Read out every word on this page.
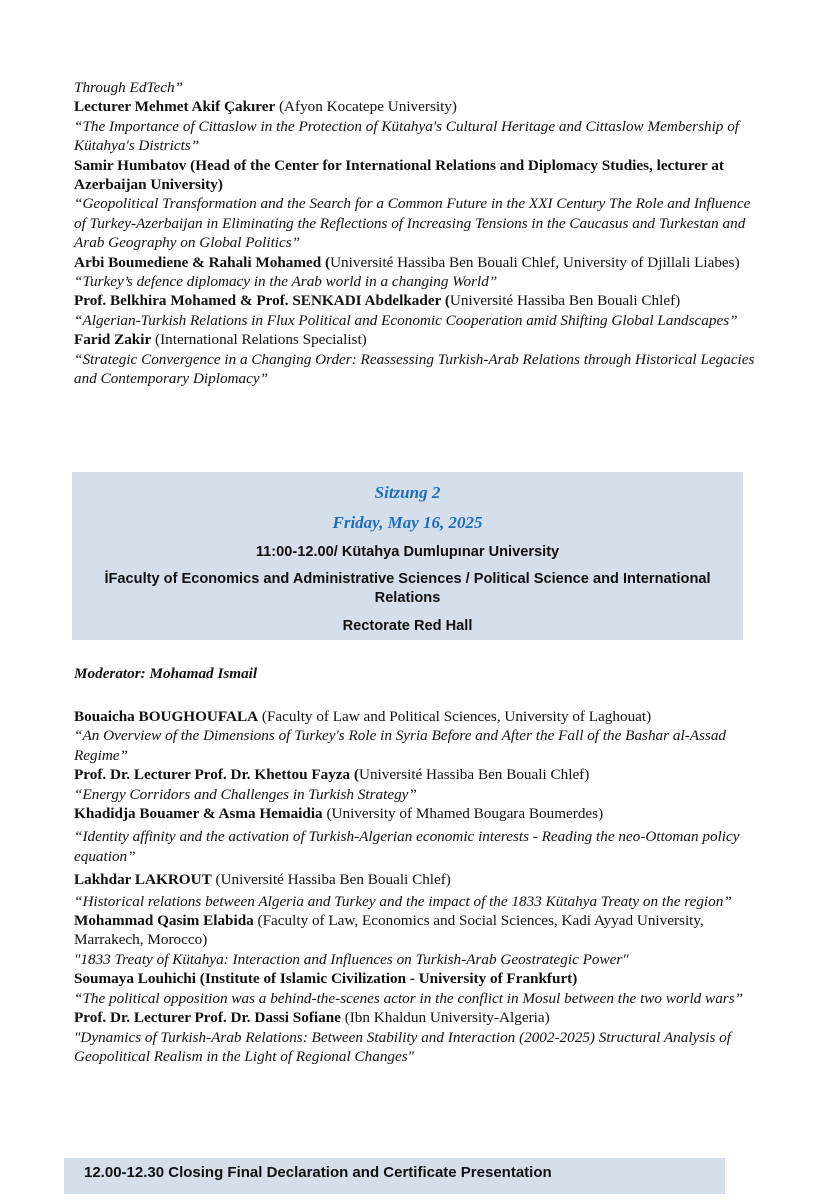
Through EdTech”

Lecturer Mehmet Akif Çakırer (Afyon Kocatepe University)

“The Importance of Cittaslow in the Protection of Kütahya's Cultural Heritage and Cittaslow Membership of Kütahya's Districts”

Samir Humbatov (Head of the Center for International Relations and Diplomacy Studies, lecturer at Azerbaijan University)

“Geopolitical Transformation and the Search for a Common Future in the XXI Century The Role and Influence of Turkey-Azerbaijan in Eliminating the Reflections of Increasing Tensions in the Caucasus and Turkestan and Arab Geography on Global Politics”

Arbi Boumediene & Rahali Mohamed (Université Hassiba Ben Bouali Chlef, University of Djillali Liabes)

“Turkey’s defence diplomacy in the Arab world in a changing World”

Prof. Belkhira Mohamed & Prof. SENKADI Abdelkader (Université Hassiba Ben Bouali Chlef)

“Algerian-Turkish Relations in Flux Political and Economic Cooperation amid Shifting Global Landscapes”

Farid Zakir (International Relations Specialist)

“Strategic Convergence in a Changing Order: Reassessing Turkish-Arab Relations through Historical Legacies and Contemporary Diplomacy”

Moderator: Mohamad Ismail

Bouaicha BOUGHOUFALA (Faculty of Law and Political Sciences, University of Laghouat)

“An Overview of the Dimensions of Turkey's Role in Syria Before and After the Fall of the Bashar al-Assad Regime”

Prof. Dr. Lecturer Prof. Dr. Khettou Fayza (Université Hassiba Ben Bouali Chlef)

“Energy Corridors and Challenges in Turkish Strategy”

Khadidja Bouamer & Asma Hemaidia (University of Mhamed Bougara Boumerdes)

“Identity affinity and the activation of Turkish-Algerian economic interests - Reading the neo-Ottoman policy equation”

Lakhdar LAKROUT (Université Hassiba Ben Bouali Chlef)

“Historical relations between Algeria and Turkey and the impact of the 1833 Kütahya Treaty on the region”

Mohammad Qasim Elabida (Faculty of Law, Economics and Social Sciences, Kadi Ayyad University, Marrakech, Morocco)

"1833 Treaty of Kütahya: Interaction and Influences on Turkish-Arab Geostrategic Power"

Soumaya Louhichi (Institute of Islamic Civilization - University of Frankfurt)

“The political opposition was a behind-the-scenes actor in the conflict in Mosul between the two world wars”

Prof. Dr. Lecturer Prof. Dr. Dassi Sofiane (Ibn Khaldun University-Algeria)

"Dynamics of Turkish-Arab Relations: Between Stability and Interaction (2002-2025) Structural Analysis of Geopolitical Realism in the Light of Regional Changes"

Sitzung 2
Friday, May 16, 2025
11:00-12.00/ Kütahya Dumlupınar University
İFaculty of Economics and Administrative Sciences / Political Science and International Relations
Rectorate Red Hall
12.00-12.30 Closing Final Declaration and Certificate Presentation
